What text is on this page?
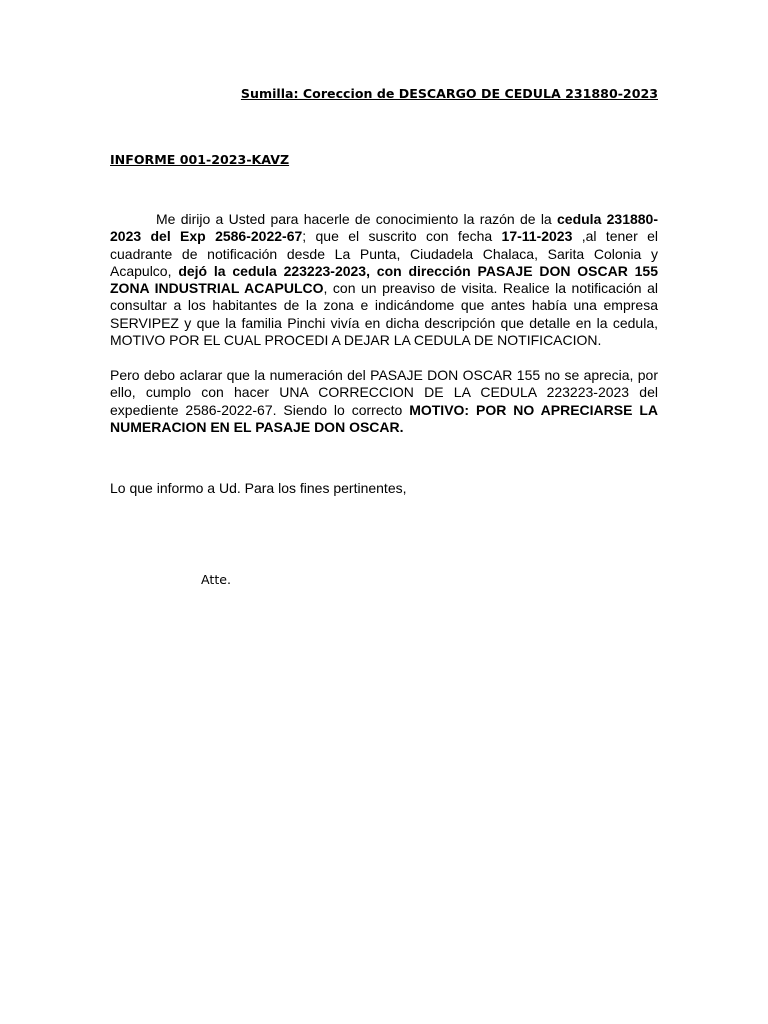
Sumilla: Coreccion de DESCARGO DE CEDULA 231880-2023
INFORME 001-2023-KAVZ

Me dirijo a Usted para hacerle de conocimiento la razón de la cedula 231880-2023 del Exp 2586-2022-67; que el suscrito con fecha 17-11-2023 ,al tener el cuadrante de notificación desde La Punta, Ciudadela Chalaca, Sarita Colonia y Acapulco, dejó la cedula 223223-2023, con dirección PASAJE DON OSCAR 155 ZONA INDUSTRIAL ACAPULCO, con un preaviso de visita. Realice la notificación al consultar a los habitantes de la zona e indicándome que antes había una empresa SERVIPEZ y que la familia Pinchi vivía en dicha descripción que detalle en la cedula, MOTIVO POR EL CUAL PROCEDI A DEJAR LA CEDULA DE NOTIFICACION.

Pero debo aclarar que la numeración del PASAJE DON OSCAR 155 no se aprecia, por ello, cumplo con hacer UNA CORRECCION DE LA CEDULA 223223-2023 del expediente 2586-2022-67. Siendo lo correcto MOTIVO: POR NO APRECIARSE LA NUMERACION EN EL PASAJE DON OSCAR.

Lo que informo a Ud. Para los fines pertinentes,
Atte.
